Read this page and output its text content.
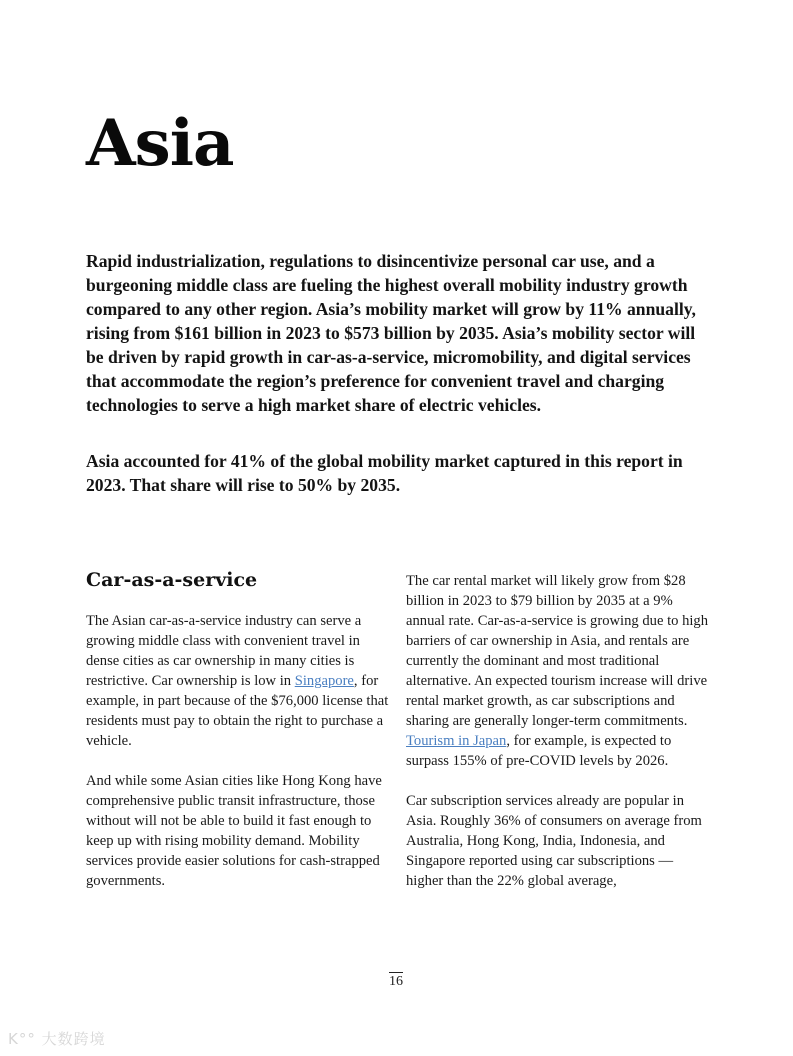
Asia

Rapid industrialization, regulations to disincentivize personal car use, and a burgeoning middle class are fueling the highest overall mobility industry growth compared to any other region. Asia’s mobility market will grow by 11% annually, rising from $161 billion in 2023 to $573 billion by 2035. Asia’s mobility sector will be driven by rapid growth in car-as-a-service, micromobility, and digital services that accommodate the region’s preference for convenient travel and charging technologies to serve a high market share of electric vehicles.

Asia accounted for 41% of the global mobility market captured in this report in 2023. That share will rise to 50% by 2035.

Car-as-a-service

The Asian car-as-a-service industry can serve a growing middle class with convenient travel in dense cities as car ownership in many cities is restrictive. Car ownership is low in Singapore, for example, in part because of the $76,000 license that residents must pay to obtain the right to purchase a vehicle.

And while some Asian cities like Hong Kong have comprehensive public transit infrastructure, those without will not be able to build it fast enough to keep up with rising mobility demand. Mobility services provide easier solutions for cash-strapped governments.

The car rental market will likely grow from $28 billion in 2023 to $79 billion by 2035 at a 9% annual rate. Car-as-a-service is growing due to high barriers of car ownership in Asia, and rentals are currently the dominant and most traditional alternative. An expected tourism increase will drive rental market growth, as car subscriptions and sharing are generally longer-term commitments. Tourism in Japan, for example, is expected to surpass 155% of pre-COVID levels by 2026.

Car subscription services already are popular in Asia. Roughly 36% of consumers on average from Australia, Hong Kong, India, Indonesia, and Singapore reported using car subscriptions — higher than the 22% global average,

16
K°° 大数跨境
